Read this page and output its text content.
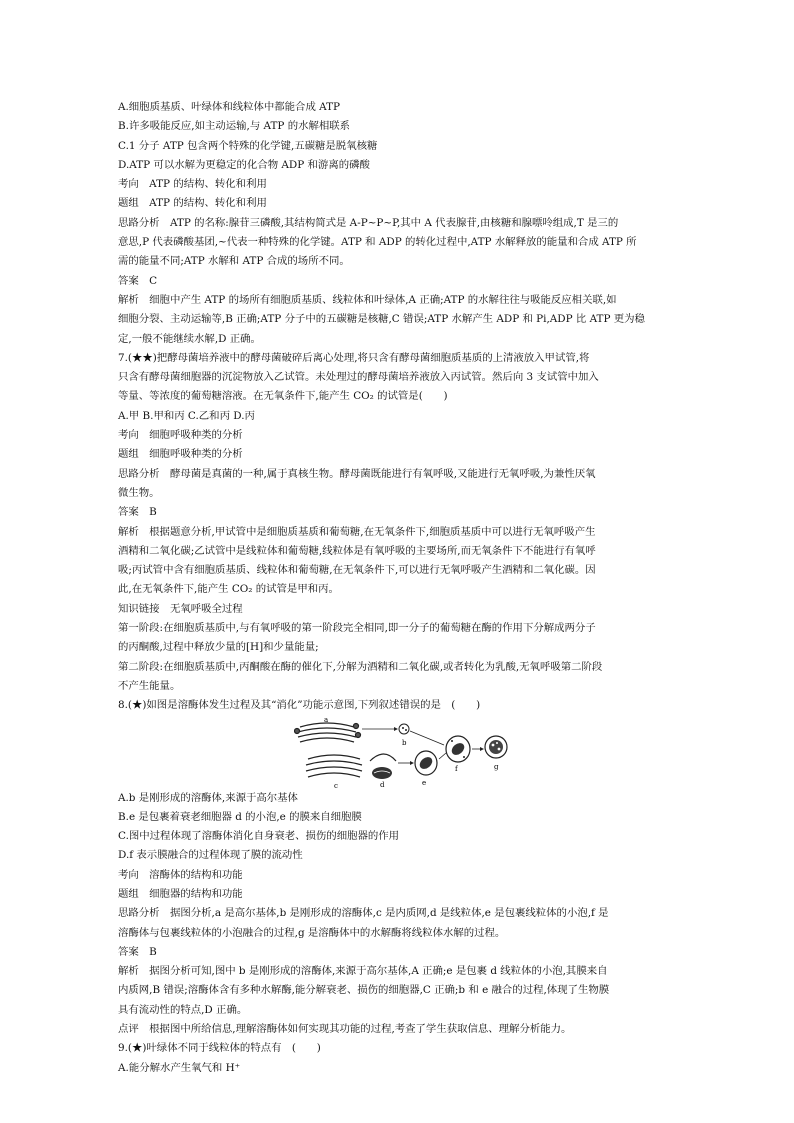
A.细胞质基质、叶绿体和线粒体中都能合成 ATP
B.许多吸能反应,如主动运输,与 ATP 的水解相联系
C.1 分子 ATP 包含两个特殊的化学键,五碳糖是脱氧核糖
D.ATP 可以水解为更稳定的化合物 ADP 和游离的磷酸
考向　ATP 的结构、转化和利用
题组　ATP 的结构、转化和利用
思路分析　ATP 的名称:腺苷三磷酸,其结构简式是 A-P~P~P,其中 A 代表腺苷,由核糖和腺嘌呤组成,T 是三的
意思,P 代表磷酸基团,~代表一种特殊的化学键。ATP 和 ADP 的转化过程中,ATP 水解释放的能量和合成 ATP 所
需的能量不同;ATP 水解和 ATP 合成的场所不同。
答案　C
解析　细胞中产生 ATP 的场所有细胞质基质、线粒体和叶绿体,A 正确;ATP 的水解往往与吸能反应相关联,如
细胞分裂、主动运输等,B 正确;ATP 分子中的五碳糖是核糖,C 错误;ATP 水解产生 ADP 和 Pi,ADP 比 ATP 更为稳
定,一般不能继续水解,D 正确。
7.(★★)把酵母菌培养液中的酵母菌破碎后离心处理,将只含有酵母菌细胞质基质的上清液放入甲试管,将
只含有酵母菌细胞器的沉淀物放入乙试管。未处理过的酵母菌培养液放入丙试管。然后向 3 支试管中加入
等量、等浓度的葡萄糖溶液。在无氧条件下,能产生 CO₂ 的试管是(　　)
A.甲 B.甲和丙 C.乙和丙 D.丙
考向　细胞呼吸种类的分析
题组　细胞呼吸种类的分析
思路分析　酵母菌是真菌的一种,属于真核生物。酵母菌既能进行有氧呼吸,又能进行无氧呼吸,为兼性厌氧
微生物。
答案　B
解析　根据题意分析,甲试管中是细胞质基质和葡萄糖,在无氧条件下,细胞质基质中可以进行无氧呼吸产生
酒精和二氧化碳;乙试管中是线粒体和葡萄糖,线粒体是有氧呼吸的主要场所,而无氧条件下不能进行有氧呼
吸;丙试管中含有细胞质基质、线粒体和葡萄糖,在无氧条件下,可以进行无氧呼吸产生酒精和二氧化碳。因
此,在无氧条件下,能产生 CO₂ 的试管是甲和丙。
知识链接　无氧呼吸全过程
第一阶段:在细胞质基质中,与有氧呼吸的第一阶段完全相同,即一分子的葡萄糖在酶的作用下分解成两分子
的丙酮酸,过程中释放少量的[H]和少量能量;
第二阶段:在细胞质基质中,丙酮酸在酶的催化下,分解为酒精和二氧化碳,或者转化为乳酸,无氧呼吸第二阶段
不产生能量。
8.(★)如图是溶酶体发生过程及其“消化”功能示意图,下列叙述错误的是　(　　)
a
b
c	d	e
f	g
A.b 是刚形成的溶酶体,来源于高尔基体
B.e 是包裹着衰老细胞器 d 的小泡,e 的膜来自细胞膜
C.图中过程体现了溶酶体消化自身衰老、损伤的细胞器的作用
D.f 表示膜融合的过程体现了膜的流动性
考向　溶酶体的结构和功能
题组　细胞器的结构和功能
思路分析　据图分析,a 是高尔基体,b 是刚形成的溶酶体,c 是内质网,d 是线粒体,e 是包裹线粒体的小泡,f 是
溶酶体与包裹线粒体的小泡融合的过程,g 是溶酶体中的水解酶将线粒体水解的过程。
答案　B
解析　据图分析可知,图中 b 是刚形成的溶酶体,来源于高尔基体,A 正确;e 是包裹 d 线粒体的小泡,其膜来自
内质网,B 错误;溶酶体含有多种水解酶,能分解衰老、损伤的细胞器,C 正确;b 和 e 融合的过程,体现了生物膜
具有流动性的特点,D 正确。
点评　根据图中所给信息,理解溶酶体如何实现其功能的过程,考查了学生获取信息、理解分析能力。
9.(★)叶绿体不同于线粒体的特点有　(　　)
A.能分解水产生氧气和 H⁺
